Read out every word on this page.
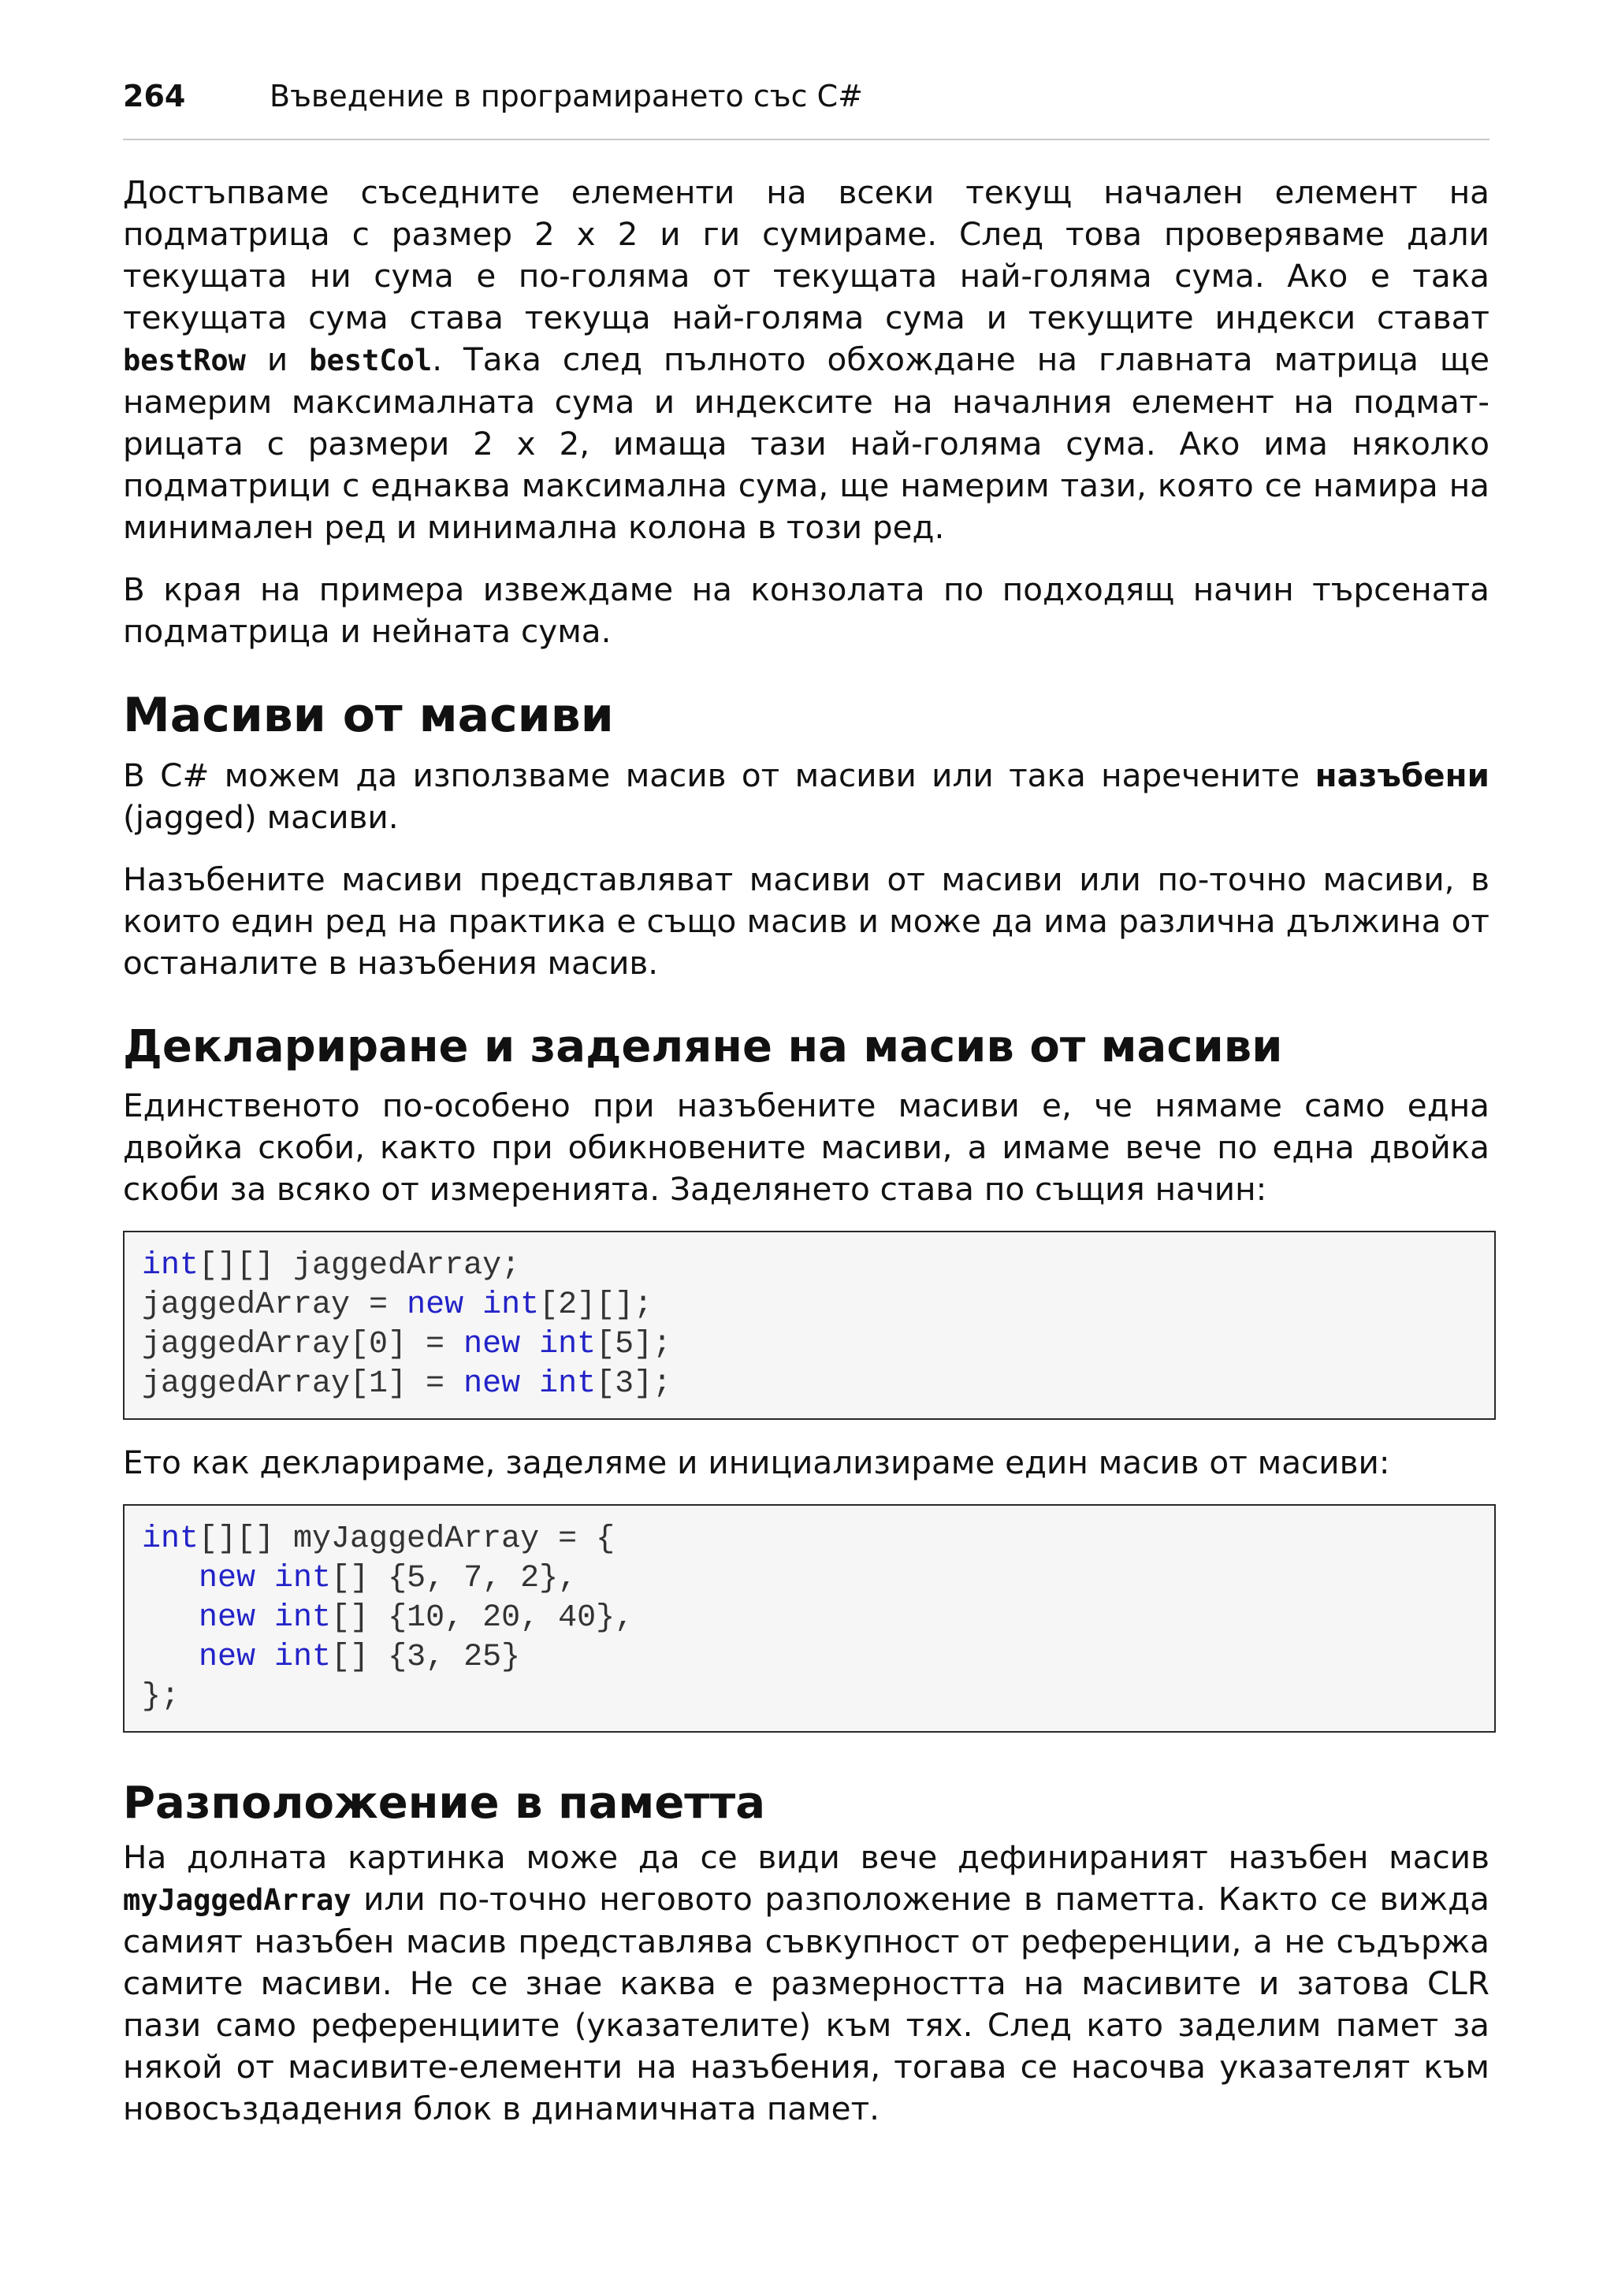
264	Въведение в програмирането със C#

Достъпваме съседните елементи на всеки текущ начален елемент на подматрица с размер 2 x 2 и ги сумираме. След това проверяваме дали текущата ни сума е по-голяма от текущата най-голяма сума. Ако е така текущата сума става текуща най-голяма сума и текущите индекси стават bestRow и bestCol. Така след пълното обхождане на главната матрица ще намерим максималната сума и индексите на началния елемент на подматрицата с размери 2 x 2, имаща тази най-голяма сума. Ако има няколко подматрици с еднаква максимална сума, ще намерим тази, която се намира на минимален ред и минимална колона в този ред.

В края на примера извеждаме на конзолата по подходящ начин търсената подматрица и нейната сума.

Масиви от масиви

В C# можем да използваме масив от масиви или така наречените назъбени (jagged) масиви.

Назъбените масиви представляват масиви от масиви или по-точно масиви, в които един ред на практика е също масив и може да има различна дължина от останалите в назъбения масив.

Деклариране и заделяне на масив от масиви

Единственото по-особено при назъбените масиви е, че нямаме само една двойка скоби, както при обикновените масиви, а имаме вече по една двойка скоби за всяко от измеренията. Заделянето става по същия начин:

int[][] jaggedArray;
jaggedArray = new int[2][];
jaggedArray[0] = new int[5];
jaggedArray[1] = new int[3];

Ето как декларираме, заделяме и инициализираме един масив от масиви:

int[][] myJaggedArray = {
new int[] {5, 7, 2},
new int[] {10, 20, 40},
new int[] {3, 25}
};
Разположение в паметта

На долната картинка може да се види вече дефинираният назъбен масив myJaggedArray или по-точно неговото разположение в паметта. Както се вижда самият назъбен масив представлява съвкупност от референции, а не съдържа самите масиви. Не се знае каква е размерността на масивите и затова CLR пази само референциите (указателите) към тях. След като заделим памет за някой от масивите-елементи на назъбения, тогава се насочва указателят към новосъздадения блок в динамичната памет.
